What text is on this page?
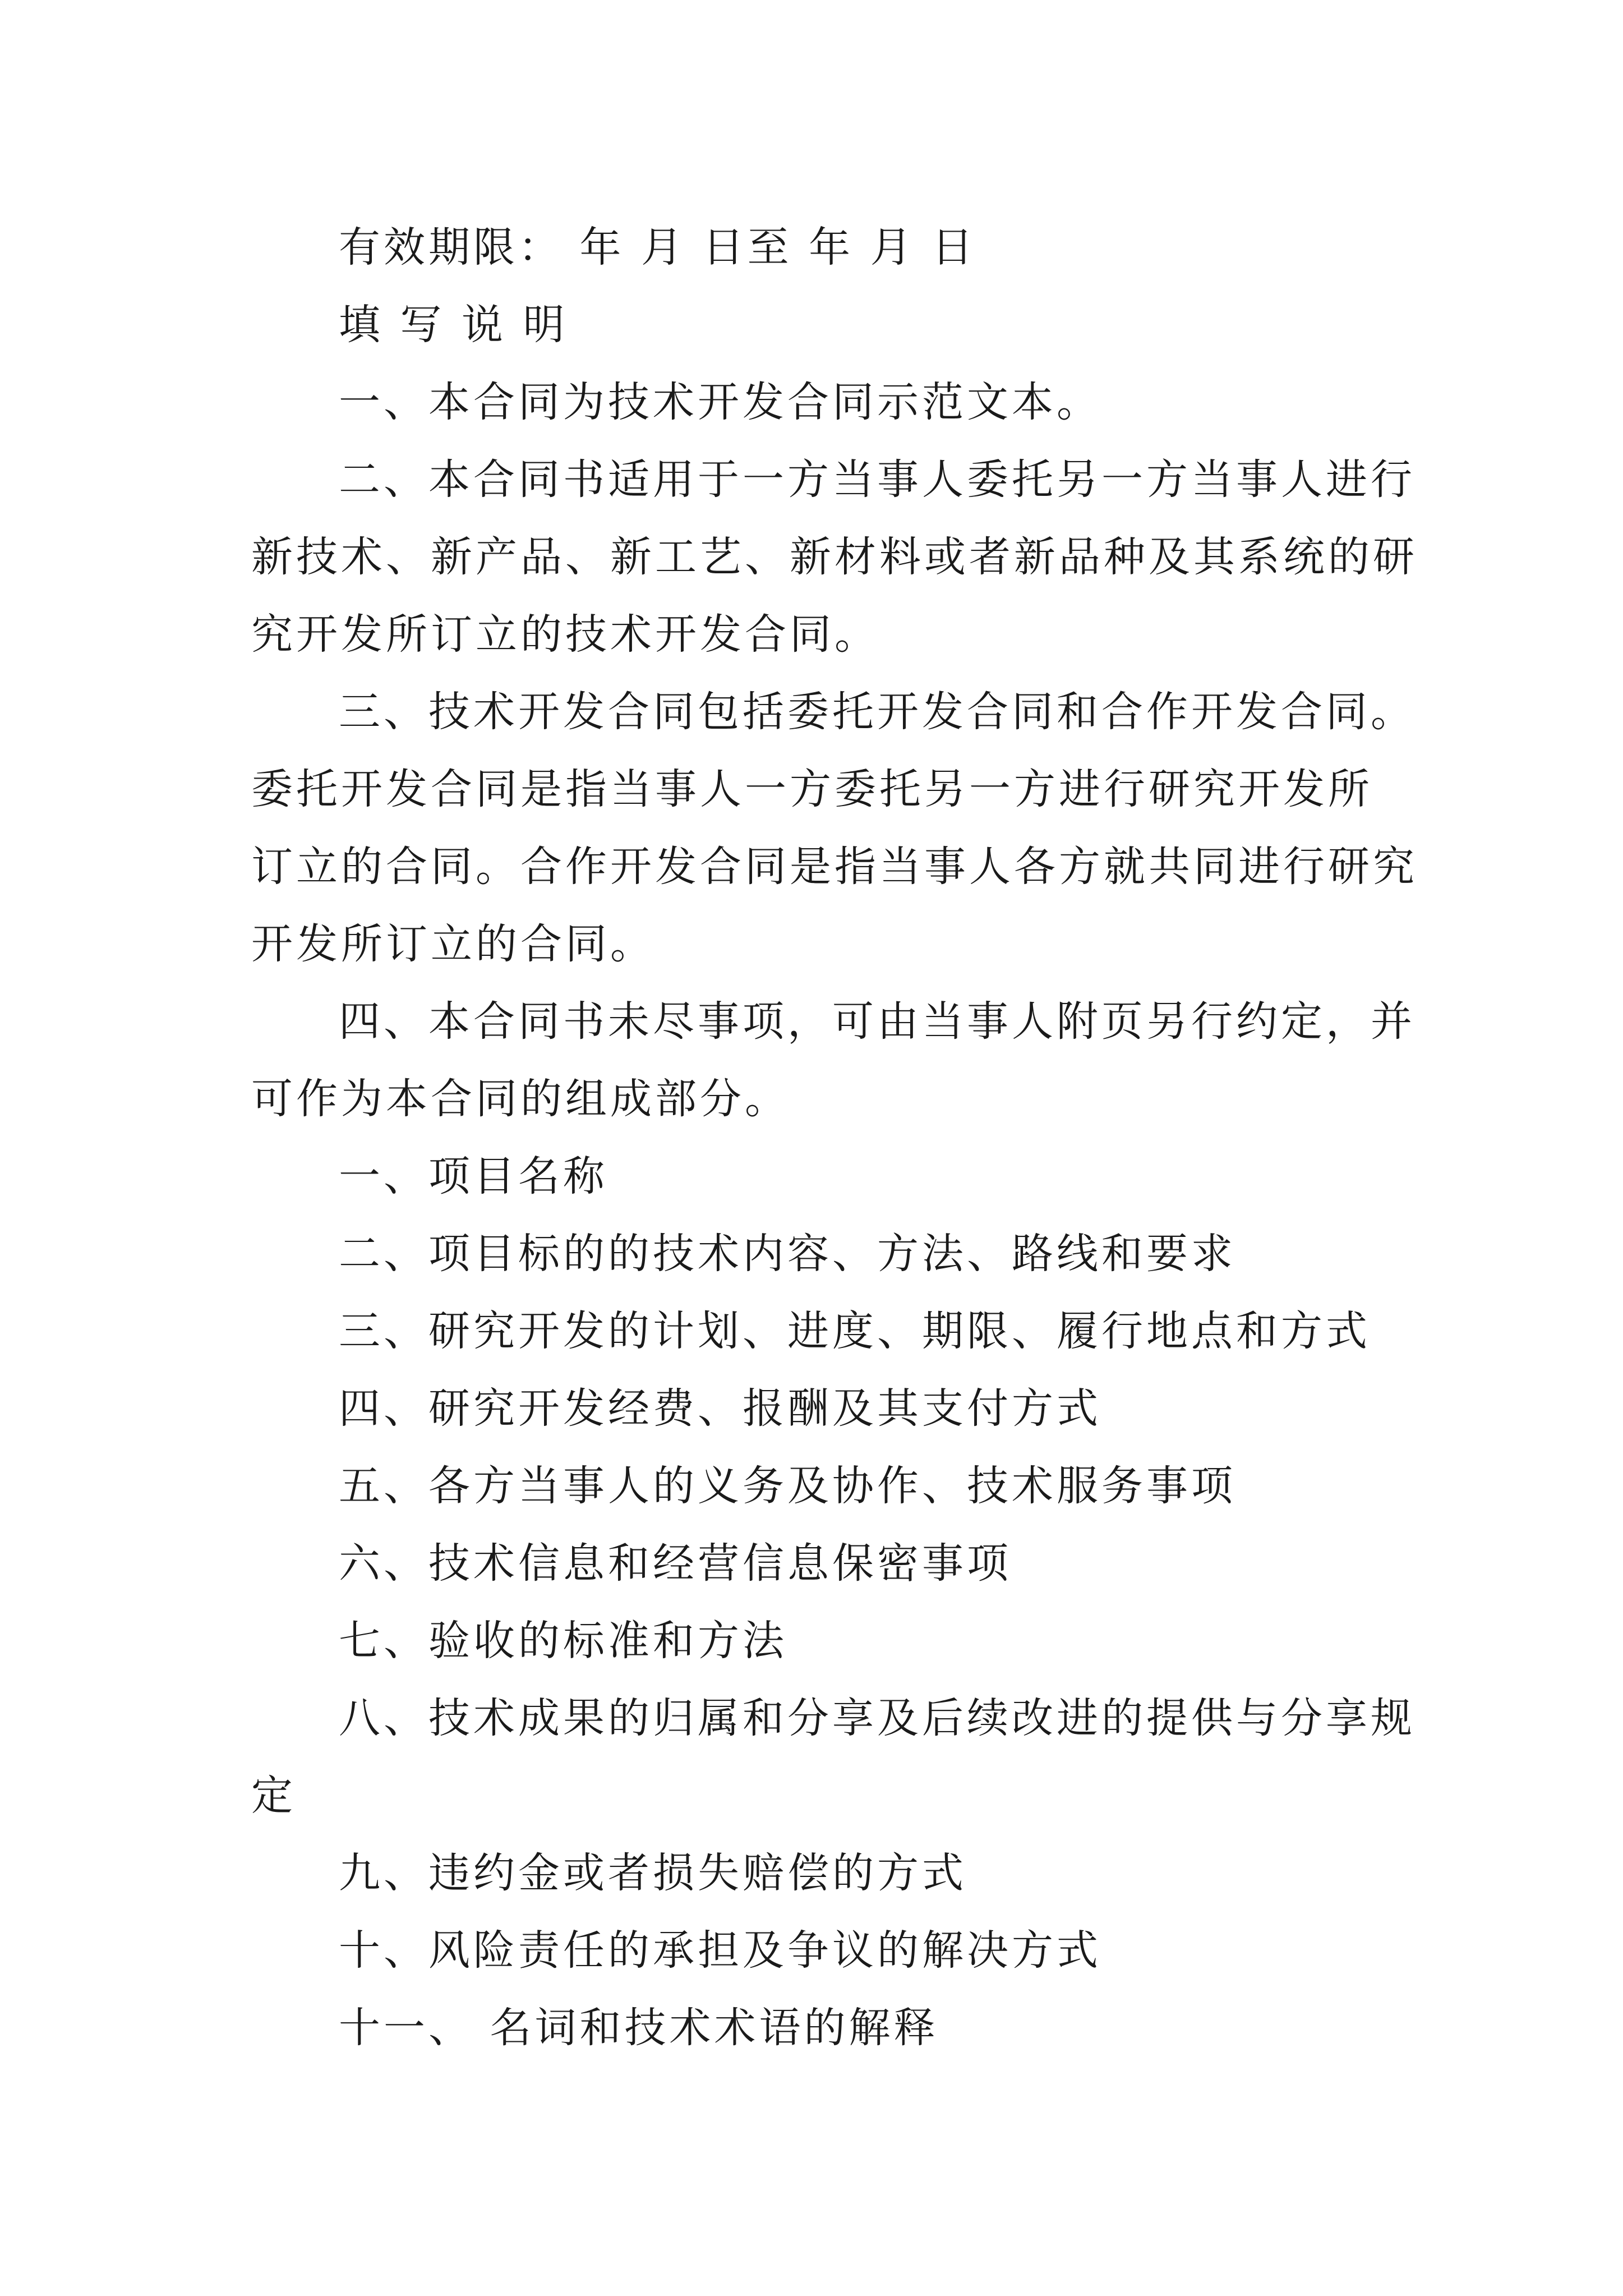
有效期限： 年 月 日至 年 月 日
填 写 说 明
一、本合同为技术开发合同示范文本。
二、本合同书适用于一方当事人委托另一方当事人进行
新技术、新产品、新工艺、新材料或者新品种及其系统的研
究开发所订立的技术开发合同。
三、技术开发合同包括委托开发合同和合作开发合同。
委托开发合同是指当事人一方委托另一方进行研究开发所
订立的合同。合作开发合同是指当事人各方就共同进行研究
开发所订立的合同。
四、本合同书未尽事项，可由当事人附页另行约定，并
可作为本合同的组成部分。
一、项目名称
二、项目标的的技术内容、方法、路线和要求
三、研究开发的计划、进度、期限、履行地点和方式
四、研究开发经费、报酬及其支付方式
五、各方当事人的义务及协作、技术服务事项
六、技术信息和经营信息保密事项
七、验收的标准和方法
八、技术成果的归属和分享及后续改进的提供与分享规
定
九、违约金或者损失赔偿的方式
十、风险责任的承担及争议的解决方式
十一、 名词和技术术语的解释
